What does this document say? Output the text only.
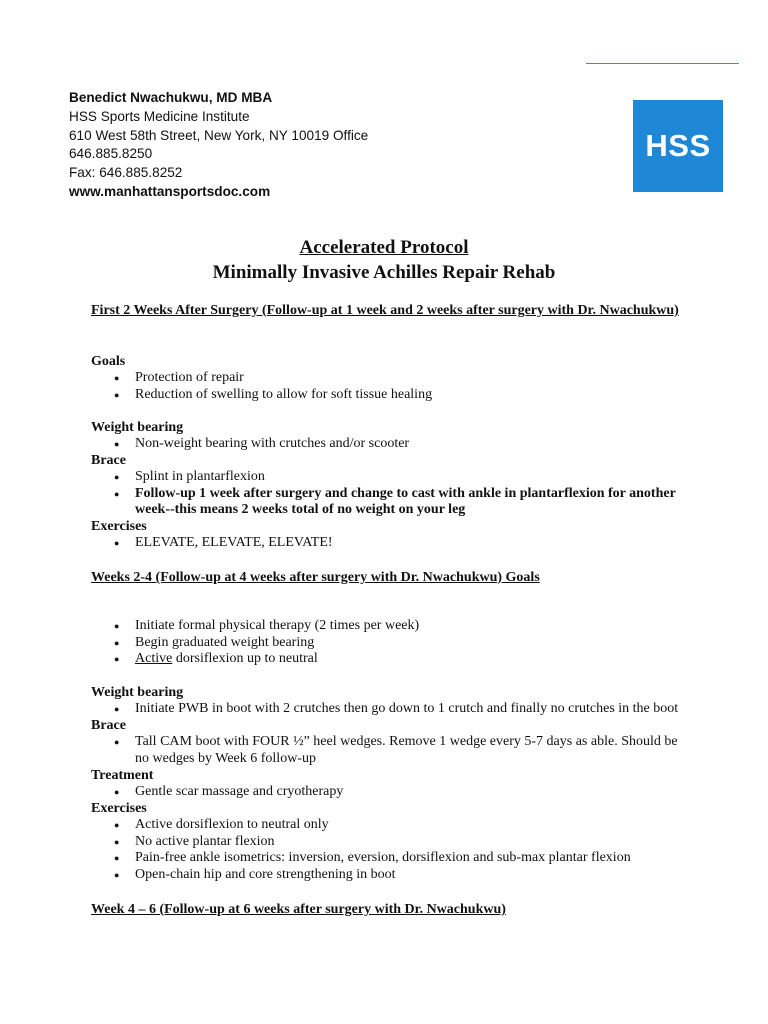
Benedict Nwachukwu, MD MBA
HSS Sports Medicine Institute
610 West 58th Street, New York, NY 10019 Office
646.885.8250
Fax: 646.885.8252
www.manhattansportsdoc.com
HSS
Accelerated Protocol
Minimally Invasive Achilles Repair Rehab
First 2 Weeks After Surgery (Follow-up at 1 week and 2 weeks after surgery with Dr. Nwachukwu)
Goals
● Protection of repair
● Reduction of swelling to allow for soft tissue healing
Weight bearing
● Non-weight bearing with crutches and/or scooter
Brace
● Splint in plantarflexion
● Follow-up 1 week after surgery and change to cast with ankle in plantarflexion for another week--this means 2 weeks total of no weight on your leg
Exercises
● ELEVATE, ELEVATE, ELEVATE!
Weeks 2-4 (Follow-up at 4 weeks after surgery with Dr. Nwachukwu) Goals
● Initiate formal physical therapy (2 times per week)
● Begin graduated weight bearing
● Active dorsiflexion up to neutral
Weight bearing
● Initiate PWB in boot with 2 crutches then go down to 1 crutch and finally no crutches in the boot
Brace
● Tall CAM boot with FOUR ½” heel wedges. Remove 1 wedge every 5-7 days as able. Should be no wedges by Week 6 follow-up
Treatment
● Gentle scar massage and cryotherapy
Exercises
● Active dorsiflexion to neutral only
● No active plantar flexion
● Pain-free ankle isometrics: inversion, eversion, dorsiflexion and sub-max plantar flexion
● Open-chain hip and core strengthening in boot
Week 4 – 6 (Follow-up at 6 weeks after surgery with Dr. Nwachukwu)
